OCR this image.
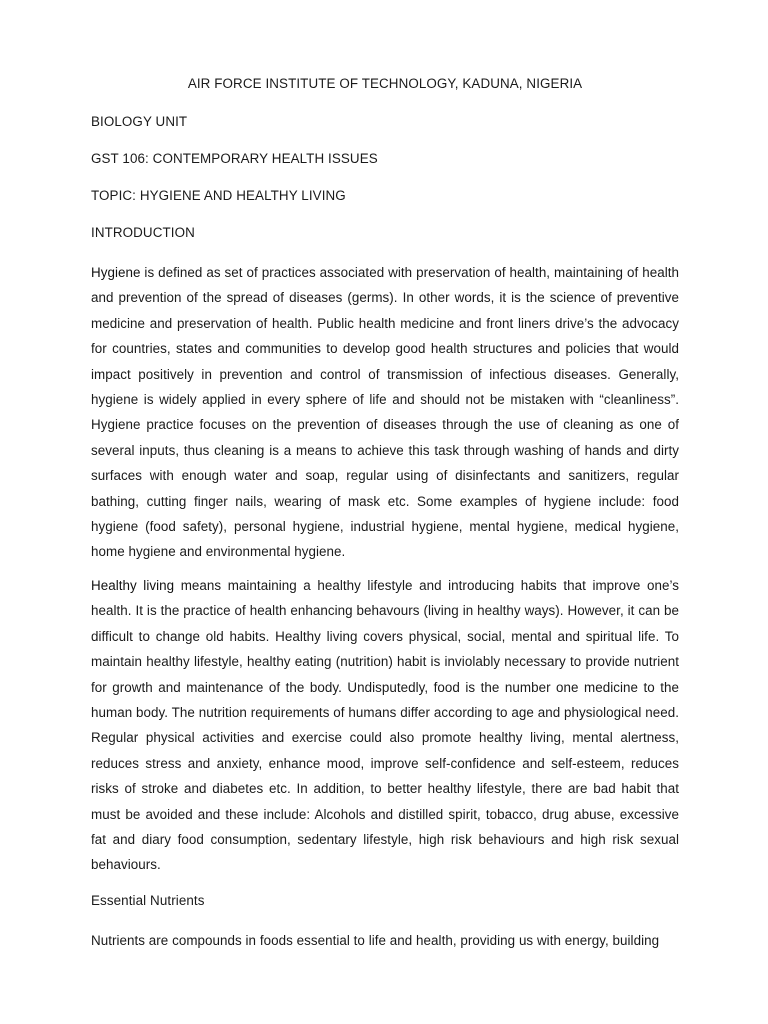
AIR FORCE INSTITUTE OF TECHNOLOGY, KADUNA, NIGERIA

BIOLOGY UNIT

GST 106: CONTEMPORARY HEALTH ISSUES

TOPIC: HYGIENE AND HEALTHY LIVING

INTRODUCTION

Hygiene is defined as set of practices associated with preservation of health, maintaining of health and prevention of the spread of diseases (germs). In other words, it is the science of preventive medicine and preservation of health. Public health medicine and front liners drive’s the advocacy for countries, states and communities to develop good health structures and policies that would impact positively in prevention and control of transmission of infectious diseases. Generally, hygiene is widely applied in every sphere of life and should not be mistaken with “cleanliness”. Hygiene practice focuses on the prevention of diseases through the use of cleaning as one of several inputs, thus cleaning is a means to achieve this task through washing of hands and dirty surfaces with enough water and soap, regular using of disinfectants and sanitizers, regular bathing, cutting finger nails, wearing of mask etc. Some examples of hygiene include: food hygiene (food safety), personal hygiene, industrial hygiene, mental hygiene, medical hygiene, home hygiene and environmental hygiene.

Healthy living means maintaining a healthy lifestyle and introducing habits that improve one’s health. It is the practice of health enhancing behavours (living in healthy ways). However, it can be difficult to change old habits. Healthy living covers physical, social, mental and spiritual life. To maintain healthy lifestyle, healthy eating (nutrition) habit is inviolably necessary to provide nutrient for growth and maintenance of the body. Undisputedly, food is the number one medicine to the human body. The nutrition requirements of humans differ according to age and physiological need. Regular physical activities and exercise could also promote healthy living, mental alertness, reduces stress and anxiety, enhance mood, improve self-confidence and self-esteem, reduces risks of stroke and diabetes etc. In addition, to better healthy lifestyle, there are bad habit that must be avoided and these include: Alcohols and distilled spirit, tobacco, drug abuse, excessive fat and diary food consumption, sedentary lifestyle, high risk behaviours and high risk sexual behaviours.

Essential Nutrients

Nutrients are compounds in foods essential to life and health, providing us with energy, building
